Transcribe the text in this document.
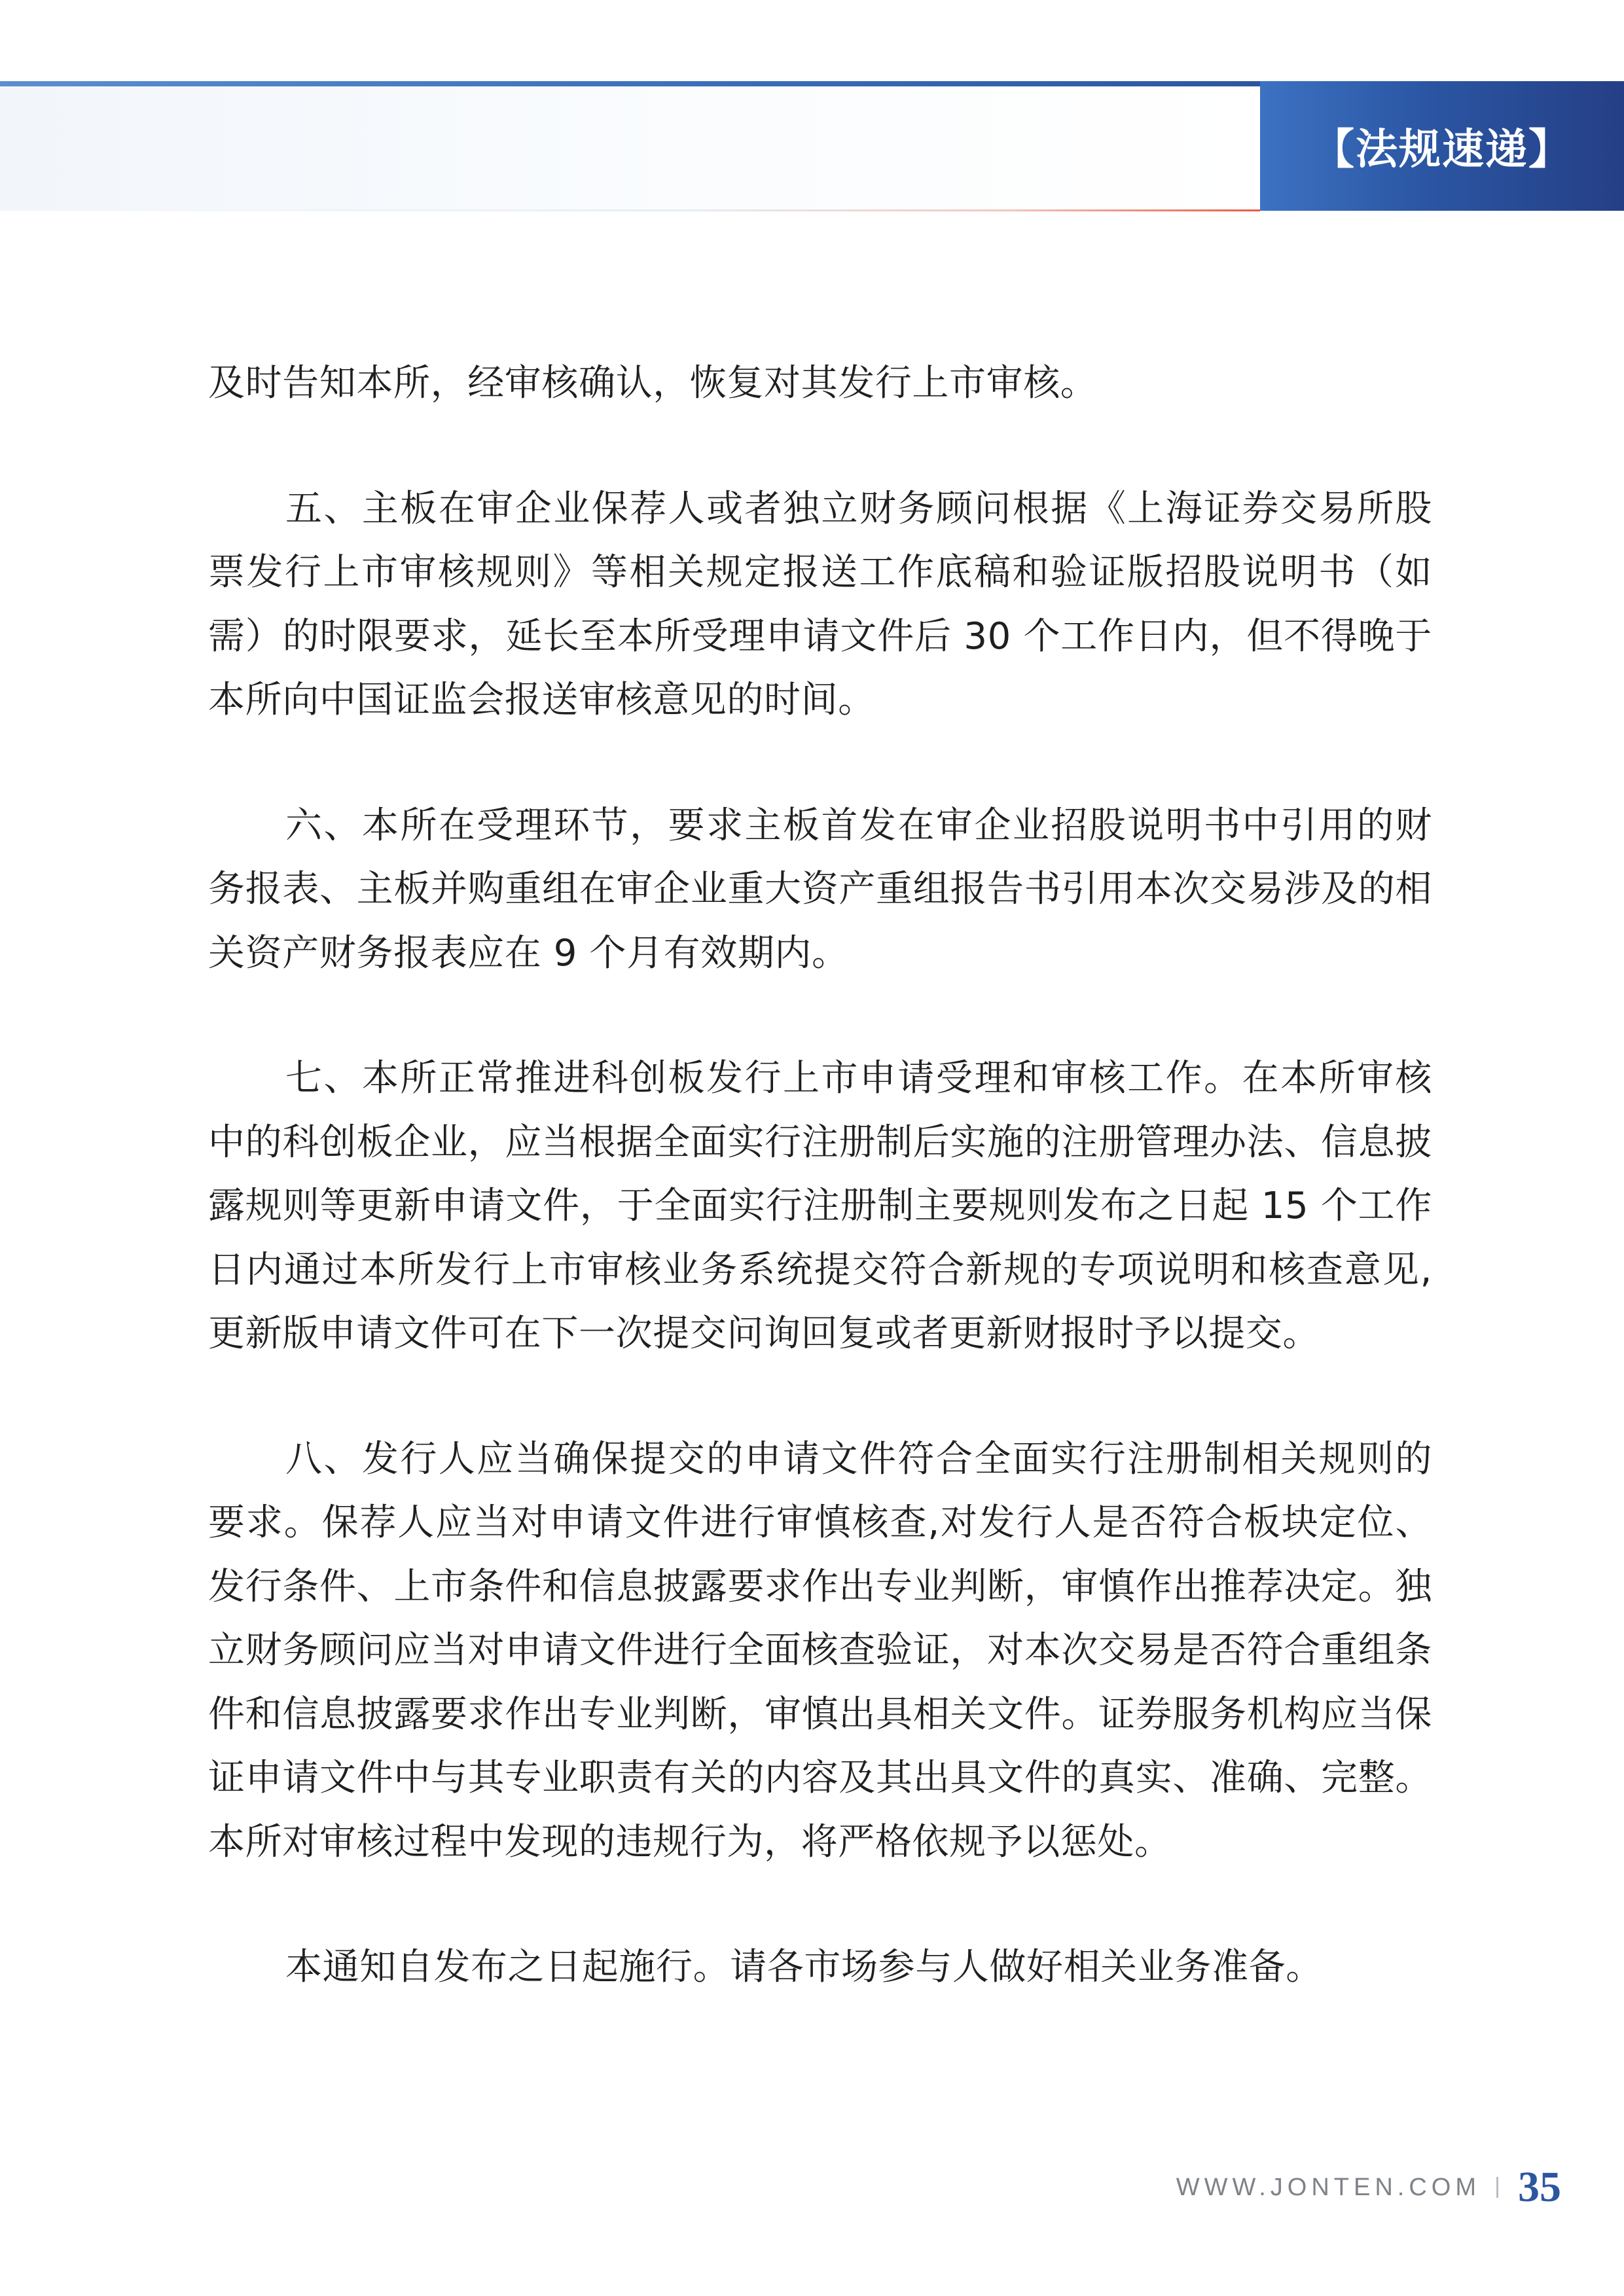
【法规速递】

及时告知本所，经审核确认，恢复对其发行上市审核。

五、主板在审企业保荐人或者独立财务顾问根据《上海证券交易所股票发行上市审核规则》等相关规定报送工作底稿和验证版招股说明书（如需）的时限要求，延长至本所受理申请文件后 30 个工作日内，但不得晚于本所向中国证监会报送审核意见的时间。

六、本所在受理环节，要求主板首发在审企业招股说明书中引用的财务报表、主板并购重组在审企业重大资产重组报告书引用本次交易涉及的相关资产财务报表应在 9 个月有效期内。

七、本所正常推进科创板发行上市申请受理和审核工作。在本所审核中的科创板企业，应当根据全面实行注册制后实施的注册管理办法、信息披露规则等更新申请文件，于全面实行注册制主要规则发布之日起 15 个工作日内通过本所发行上市审核业务系统提交符合新规的专项说明和核查意见,更新版申请文件可在下一次提交问询回复或者更新财报时予以提交。

八、发行人应当确保提交的申请文件符合全面实行注册制相关规则的要求。保荐人应当对申请文件进行审慎核查,对发行人是否符合板块定位、发行条件、上市条件和信息披露要求作出专业判断，审慎作出推荐决定。独立财务顾问应当对申请文件进行全面核查验证，对本次交易是否符合重组条件和信息披露要求作出专业判断，审慎出具相关文件。证券服务机构应当保证申请文件中与其专业职责有关的内容及其出具文件的真实、准确、完整。本所对审核过程中发现的违规行为，将严格依规予以惩处。

本通知自发布之日起施行。请各市场参与人做好相关业务准备。

WWW.JONTEN.COM 35
